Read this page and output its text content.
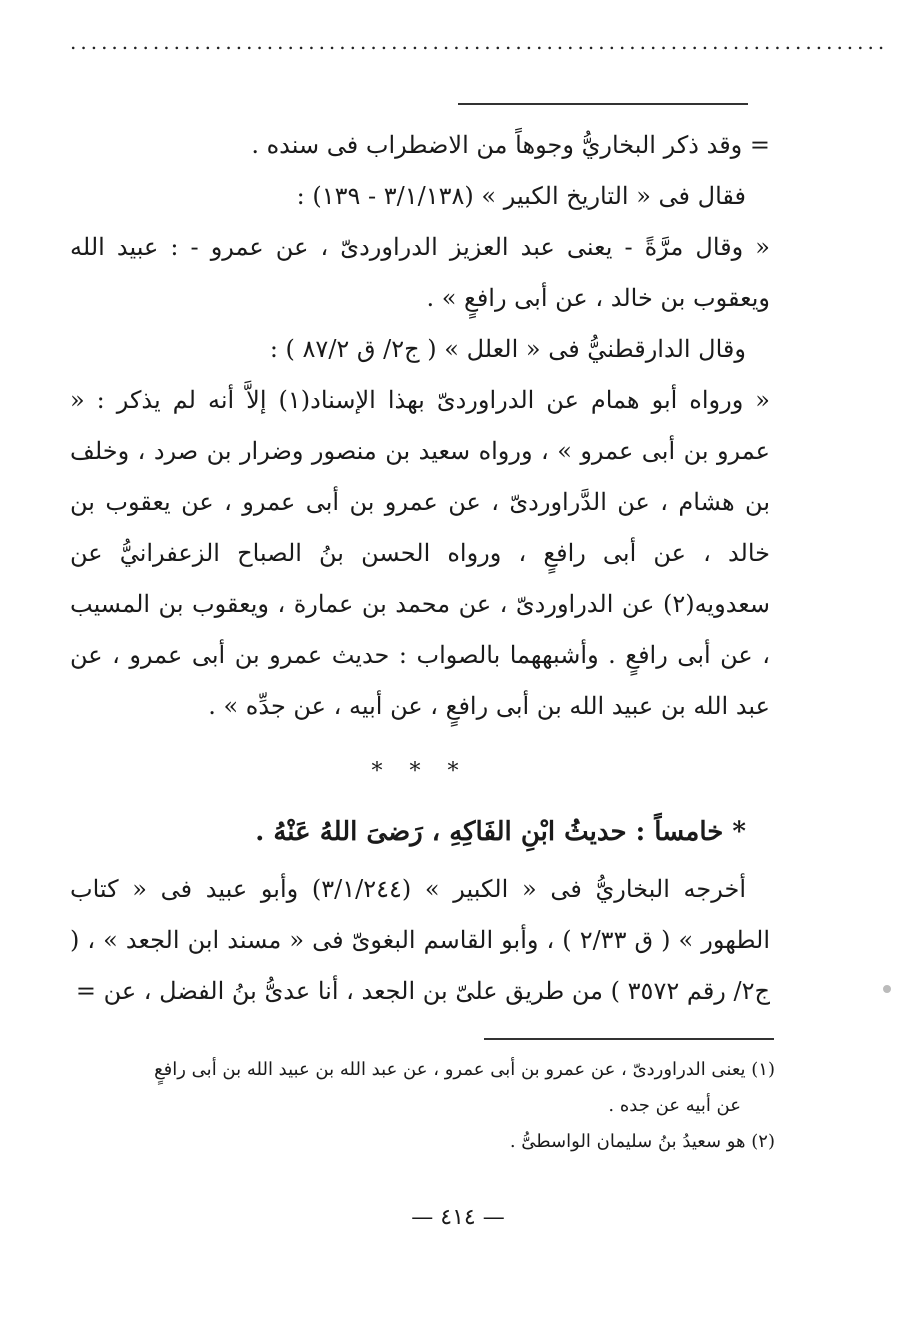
...............................................................................

= وقد ذكر البخاريُّ وجوهاً من الاضطراب فى سنده .

فقال فى « التاريخ الكبير » (٣/١/١٣٨ - ١٣٩) :

« وقال مرَّةً - يعنى عبد العزيز الدراوردىّ ، عن عمرو - : عبيد الله ويعقوب بن خالد ، عن أبى رافعٍ » .

وقال الدارقطنيُّ فى « العلل » ( ج٢/ ق ٨٧/٢ ) :

« ورواه أبو همام عن الدراوردىّ بهذا الإسناد(١) إلاَّ أنه لم يذكر : « عمرو بن أبى عمرو » ، ورواه سعيد بن منصور وضرار بن صرد ، وخلف بن هشام ، عن الدَّراوردىّ ، عن عمرو بن أبى عمرو ، عن يعقوب بن خالد ، عن أبى رافعٍ ، ورواه الحسن بنُ الصباح الزعفرانيُّ عن سعدويه(٢) عن الدراوردىّ ، عن محمد بن عمارة ، ويعقوب بن المسيب ، عن أبى رافعٍ . وأشبههما بالصواب : حديث عمرو بن أبى عمرو ، عن عبد الله بن عبيد الله بن أبى رافعٍ ، عن أبيه ، عن جدِّه » .

* * *

* خامساً : حديثُ ابْنِ الفَاكِهِ ، رَضىَ اللهُ عَنْهُ .

أخرجه البخاريُّ فى « الكبير » (٣/١/٢٤٤) وأبو عبيد فى « كتاب الطهور » ( ق ٢/٣٣ ) ، وأبو القاسم البغوىّ فى « مسند ابن الجعد » ، ( ج٢/ رقم ٣٥٧٢ ) من طريق علىّ بن الجعد ، أنا عدىُّ بنُ الفضل ، عن =

(١) يعنى الدراوردىّ ، عن عمرو بن أبى عمرو ، عن عبد الله بن عبيد الله بن أبى رافعٍ

عن أبيه عن جده .

(٢) هو سعيدُ بنُ سليمان الواسطىُّ .

— ٤١٤ —
